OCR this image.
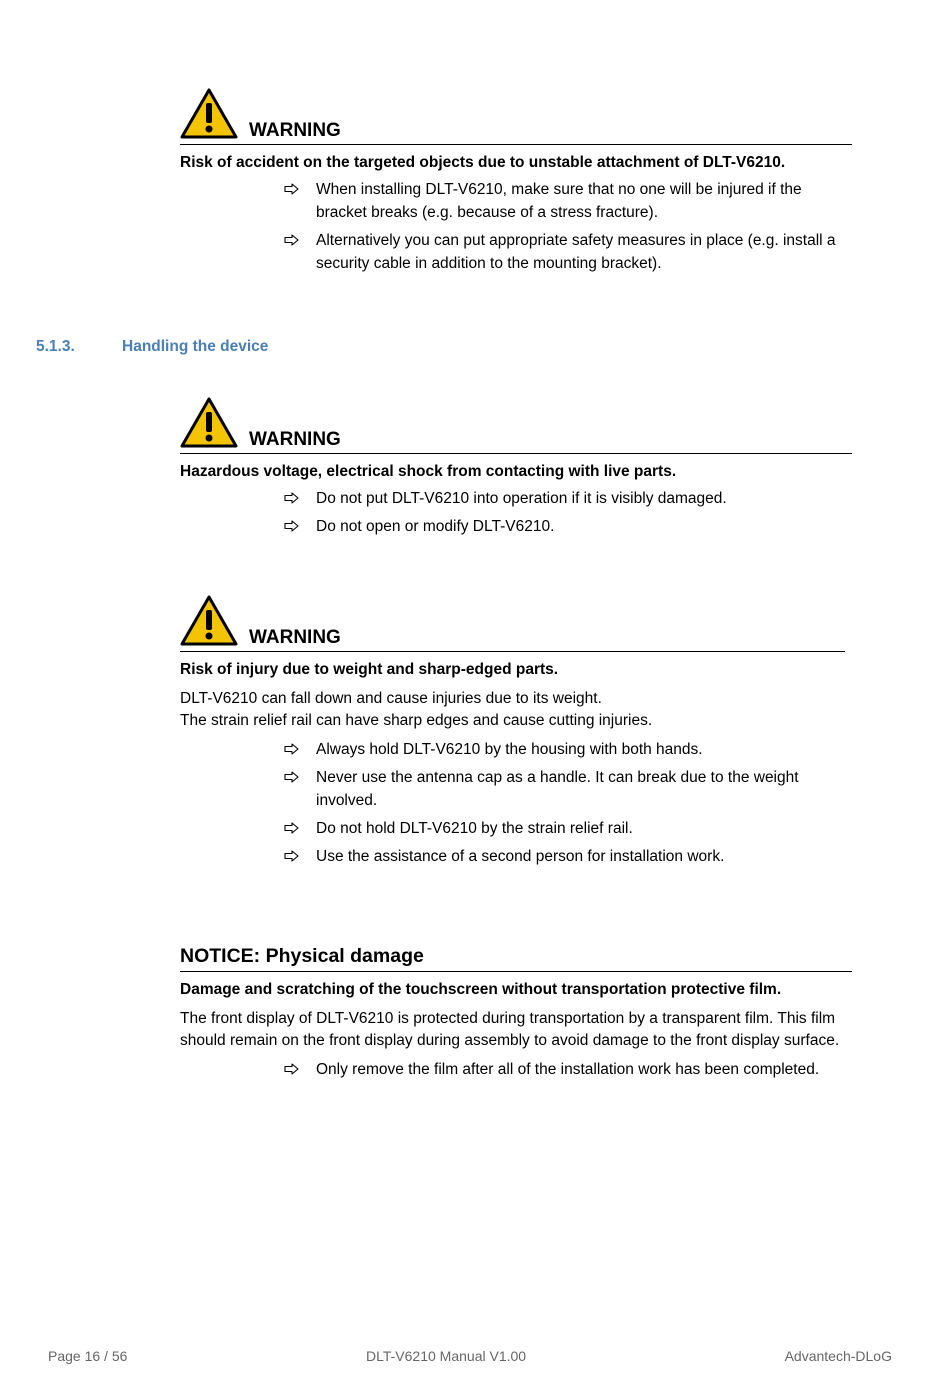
WARNING
Risk of accident on the targeted objects due to unstable attachment of DLT-V6210.
When installing DLT-V6210, make sure that no one will be injured if the bracket breaks (e.g. because of a stress fracture).
Alternatively you can put appropriate safety measures in place (e.g. install a security cable in addition to the mounting bracket).
5.1.3.	Handling the device
WARNING
Hazardous voltage, electrical shock from contacting with live parts.
Do not put DLT-V6210 into operation if it is visibly damaged.
Do not open or modify DLT-V6210.
WARNING
Risk of injury due to weight and sharp-edged parts.
DLT-V6210 can fall down and cause injuries due to its weight.
The strain relief rail can have sharp edges and cause cutting injuries.
Always hold DLT-V6210 by the housing with both hands.
Never use the antenna cap as a handle. It can break due to the weight involved.
Do not hold DLT-V6210 by the strain relief rail.
Use the assistance of a second person for installation work.
NOTICE: Physical damage
Damage and scratching of the touchscreen without transportation protective film.
The front display of DLT-V6210 is protected during transportation by a transparent film. This film should remain on the front display during assembly to avoid damage to the front display surface.
Only remove the film after all of the installation work has been completed.
Page 16 / 56	DLT-V6210 Manual V1.00	Advantech-DLoG
